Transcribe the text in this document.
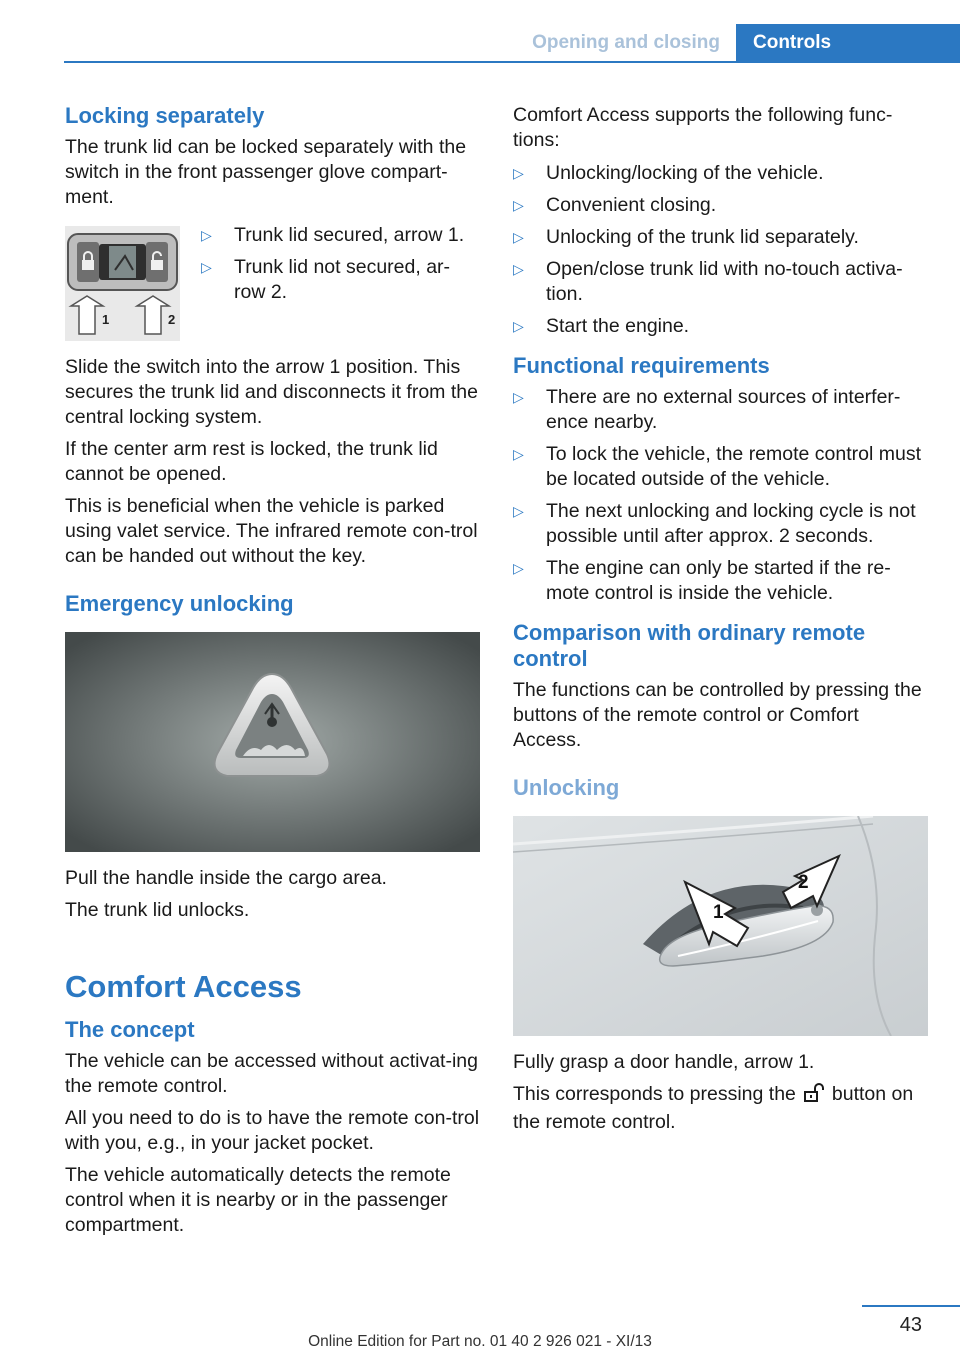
Opening and closing	Controls
Locking separately

The trunk lid can be locked separately with the switch in the front passenger glove compart‐ment.

1	2
▷ Trunk lid secured, arrow 1.
▷ Trunk lid not secured, ar‐row 2.

Slide the switch into the arrow 1 position. This secures the trunk lid and disconnects it from the central locking system.

If the center arm rest is locked, the trunk lid cannot be opened.

This is beneficial when the vehicle is parked using valet service. The infrared remote con‐trol can be handed out without the key.

Emergency unlocking

Pull the handle inside the cargo area.

The trunk lid unlocks.

Comfort Access
The concept

The vehicle can be accessed without activat‐ing the remote control.

All you need to do is to have the remote con‐trol with you, e.g., in your jacket pocket.

The vehicle automatically detects the remote control when it is nearby or in the passenger compartment.

Comfort Access supports the following func‐tions:

▷ Unlocking/locking of the vehicle.
▷ Convenient closing.
▷ Unlocking of the trunk lid separately.
▷ Open/close trunk lid with no-touch activa‐tion.
▷ Start the engine.
Functional requirements
▷ There are no external sources of interfer‐ence nearby.
▷ To lock the vehicle, the remote control must be located outside of the vehicle.
▷ The next unlocking and locking cycle is not possible until after approx. 2 seconds.
▷ The engine can only be started if the re‐mote control is inside the vehicle.
Comparison with ordinary remote control

The functions can be controlled by pressing the buttons of the remote control or Comfort Access.

Unlocking
1
2

Fully grasp a door handle, arrow 1.

This corresponds to pressing the button on the remote control.

43
Online Edition for Part no. 01 40 2 926 021 - XI/13
